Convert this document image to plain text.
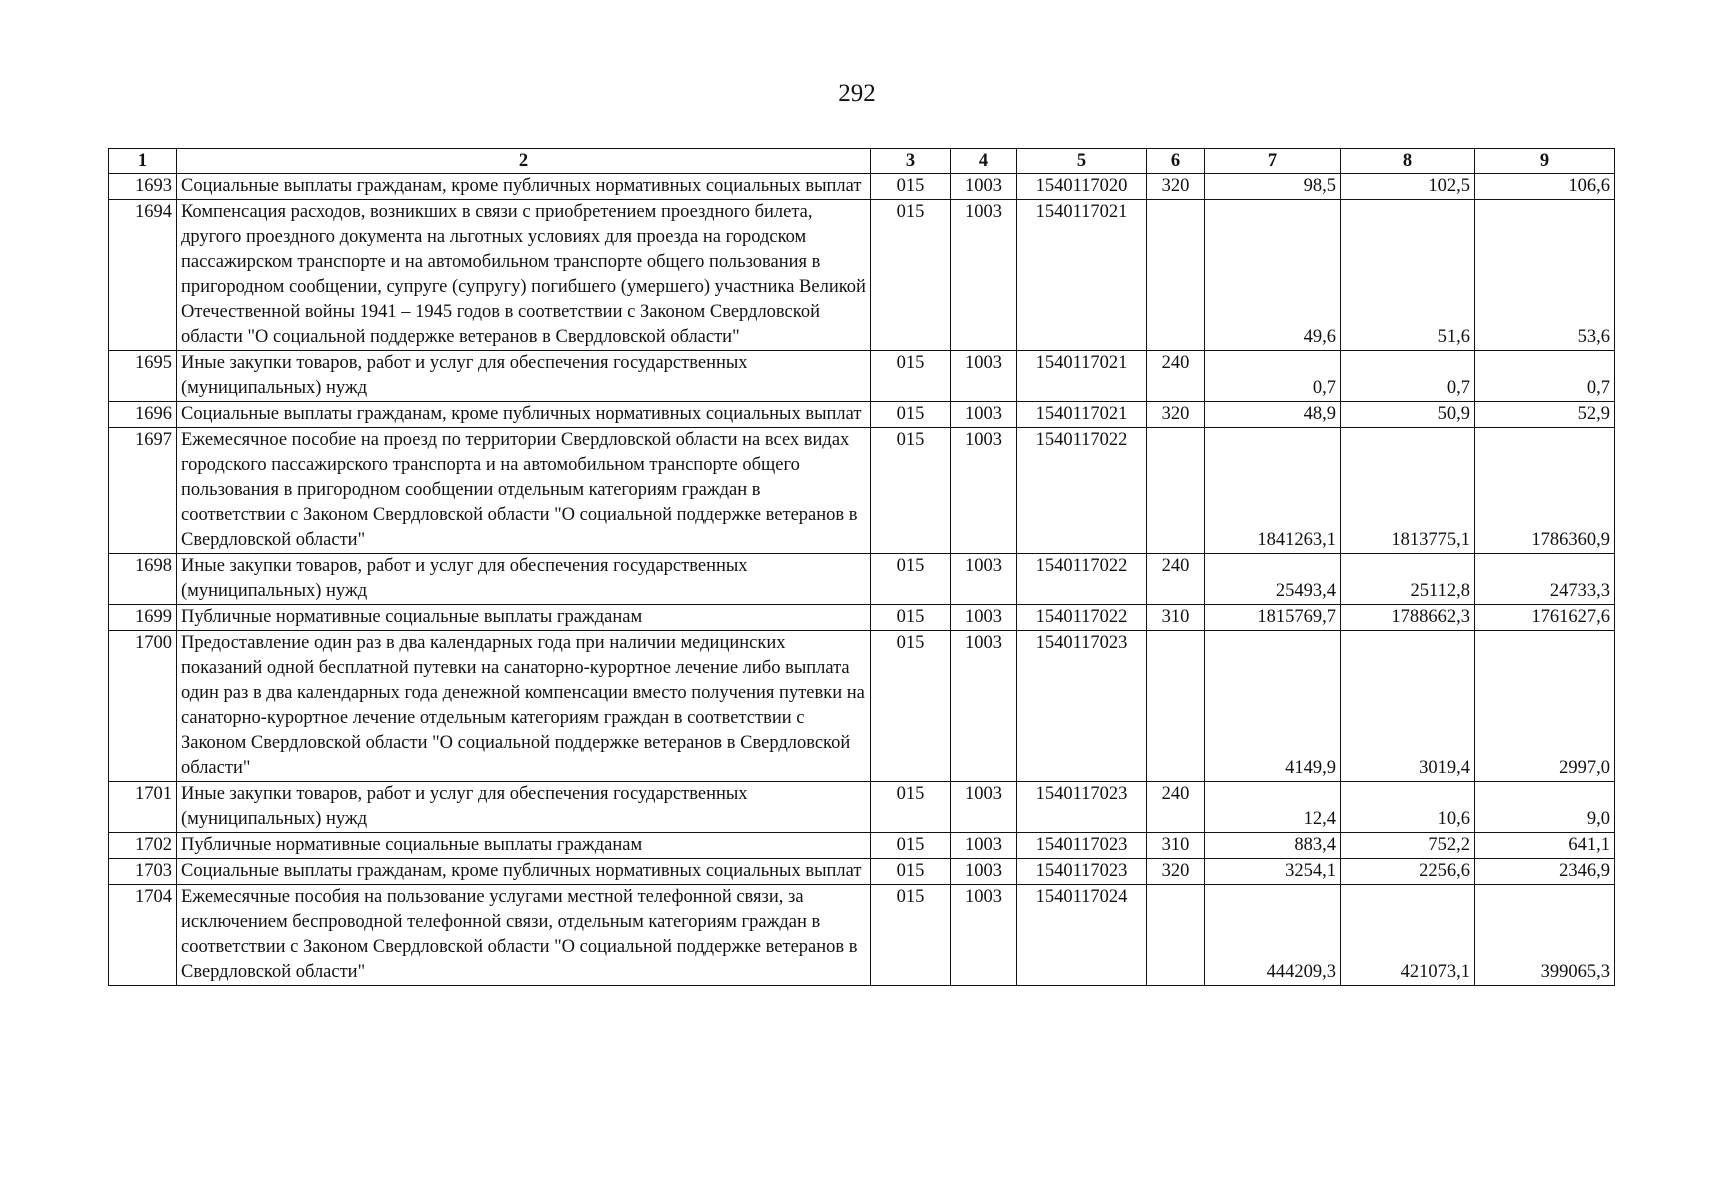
292
1	2	3	4	5	6	7	8	9
1693	Социальные выплаты гражданам, кроме публичных нормативных социальных выплат	015	1003	1540117020	320	98,5	102,5	106,6
1694	Компенсация расходов, возникших в связи с приобретением проездного билета, другого проездного документа на льготных условиях для проезда на городском пассажирском транспорте и на автомобильном транспорте общего пользования в пригородном сообщении, супруге (супругу) погибшего (умершего) участника Великой Отечественной войны 1941 – 1945 годов в соответствии с Законом Свердловской области "О социальной поддержке ветеранов в Свердловской области"	015	1003	1540117021		49,6	51,6	53,6
1695	Иные закупки товаров, работ и услуг для обеспечения государственных (муниципальных) нужд	015	1003	1540117021	240	0,7	0,7	0,7
1696	Социальные выплаты гражданам, кроме публичных нормативных социальных выплат	015	1003	1540117021	320	48,9	50,9	52,9
1697	Ежемесячное пособие на проезд по территории Свердловской области на всех видах городского пассажирского транспорта и на автомобильном транспорте общего пользования в пригородном сообщении отдельным категориям граждан в соответствии с Законом Свердловской области "О социальной поддержке ветеранов в Свердловской области"	015	1003	1540117022		1841263,1	1813775,1	1786360,9
1698	Иные закупки товаров, работ и услуг для обеспечения государственных (муниципальных) нужд	015	1003	1540117022	240	25493,4	25112,8	24733,3
1699	Публичные нормативные социальные выплаты гражданам	015	1003	1540117022	310	1815769,7	1788662,3	1761627,6
1700	Предоставление один раз в два календарных года при наличии медицинских показаний одной бесплатной путевки на санаторно-курортное лечение либо выплата один раз в два календарных года денежной компенсации вместо получения путевки на санаторно-курортное лечение отдельным категориям граждан в соответствии с Законом Свердловской области "О социальной поддержке ветеранов в Свердловской области"	015	1003	1540117023		4149,9	3019,4	2997,0
1701	Иные закупки товаров, работ и услуг для обеспечения государственных (муниципальных) нужд	015	1003	1540117023	240	12,4	10,6	9,0
1702	Публичные нормативные социальные выплаты гражданам	015	1003	1540117023	310	883,4	752,2	641,1
1703	Социальные выплаты гражданам, кроме публичных нормативных социальных выплат	015	1003	1540117023	320	3254,1	2256,6	2346,9
1704	Ежемесячные пособия на пользование услугами местной телефонной связи, за исключением беспроводной телефонной связи, отдельным категориям граждан в соответствии с Законом Свердловской области "О социальной поддержке ветеранов в Свердловской области"	015	1003	1540117024		444209,3	421073,1	399065,3
